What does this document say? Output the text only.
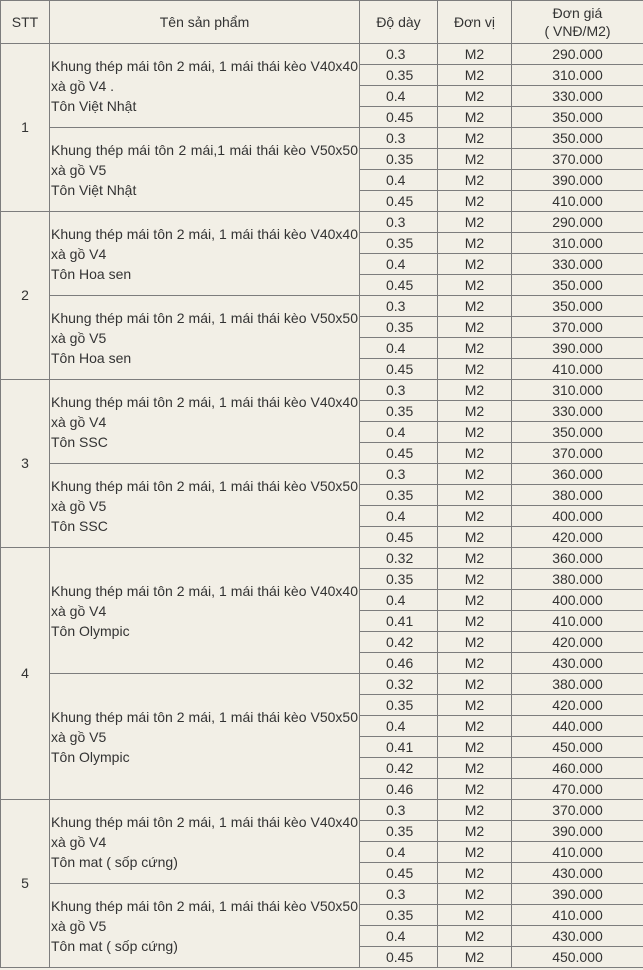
STT	Tên sản phẩm	Độ dày	Đơn vị	Đơn giá
( VNĐ/M2)

1	Khung thép mái tôn 2 mái, 1 mái thái kèo V40x40 xà gồ V4 .
Tôn Việt Nhật	0.3	M2	290.000
		0.35	M2	310.000
		0.4	M2	330.000
		0.45	M2	350.000
	Khung thép mái tôn 2 mái,1 mái thái kèo V50x50 xà gồ V5
Tôn Việt Nhật	0.3	M2	350.000
		0.35	M2	370.000
		0.4	M2	390.000
		0.45	M2	410.000
2	Khung thép mái tôn 2 mái, 1 mái thái kèo V40x40 xà gồ V4
Tôn Hoa sen	0.3	M2	290.000
		0.35	M2	310.000
		0.4	M2	330.000
		0.45	M2	350.000
	Khung thép mái tôn 2 mái, 1 mái thái kèo V50x50 xà gồ V5
Tôn Hoa sen	0.3	M2	350.000
		0.35	M2	370.000
		0.4	M2	390.000
		0.45	M2	410.000
3	Khung thép mái tôn 2 mái, 1 mái thái kèo V40x40 xà gồ V4
Tôn SSC	0.3	M2	310.000
		0.35	M2	330.000
		0.4	M2	350.000
		0.45	M2	370.000
	Khung thép mái tôn 2 mái, 1 mái thái kèo V50x50 xà gồ V5
Tôn SSC	0.3	M2	360.000
		0.35	M2	380.000
		0.4	M2	400.000
		0.45	M2	420.000
4	Khung thép mái tôn 2 mái, 1 mái thái kèo V40x40 xà gồ V4
Tôn Olympic	0.32	M2	360.000
		0.35	M2	380.000
		0.4	M2	400.000
		0.41	M2	410.000
		0.42	M2	420.000
		0.46	M2	430.000
	Khung thép mái tôn 2 mái, 1 mái thái kèo V50x50 xà gồ V5
Tôn Olympic	0.32	M2	380.000
		0.35	M2	420.000
		0.4	M2	440.000
		0.41	M2	450.000
		0.42	M2	460.000
		0.46	M2	470.000
5	Khung thép mái tôn 2 mái, 1 mái thái kèo V40x40 xà gồ V4
Tôn mat ( sốp cứng)	0.3	M2	370.000
		0.35	M2	390.000
		0.4	M2	410.000
		0.45	M2	430.000
	Khung thép mái tôn 2 mái, 1 mái thái kèo V50x50 xà gồ V5
Tôn mat ( sốp cứng)	0.3	M2	390.000
		0.35	M2	410.000
		0.4	M2	430.000
		0.45	M2	450.000
